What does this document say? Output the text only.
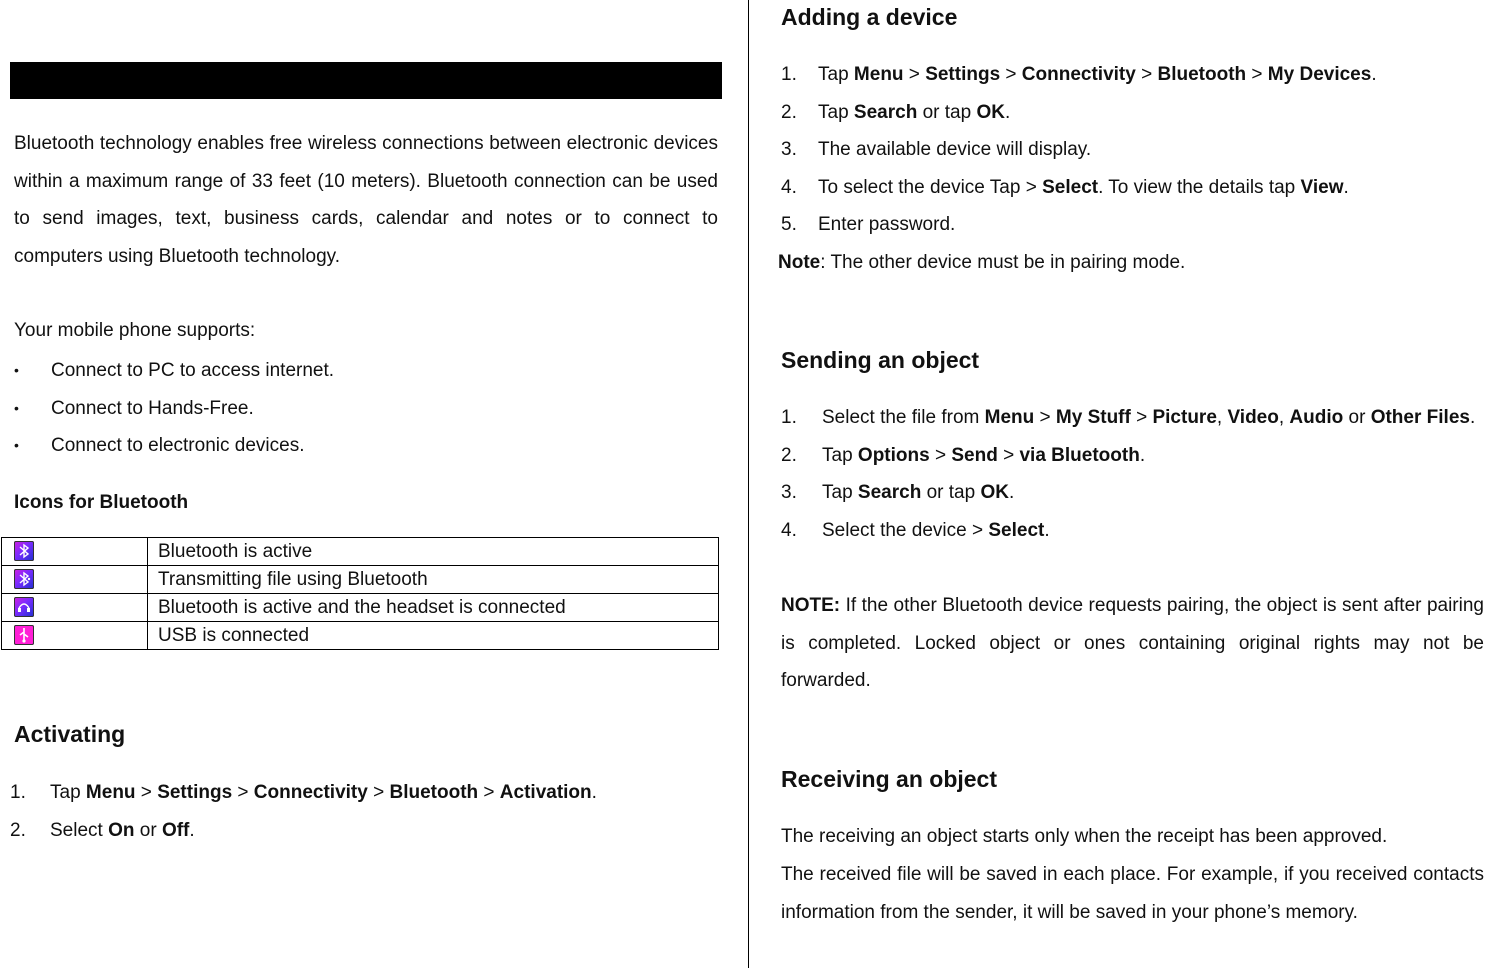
Bluetooth technology enables free wireless connections between electronic devices within a maximum range of 33 feet (10 meters). Bluetooth connection can be used to send images, text, business cards, calendar and notes or to connect to computers using Bluetooth technology.

Your mobile phone supports:

• Connect to PC to access internet.
• Connect to Hands-Free.
• Connect to electronic devices.

Icons for Bluetooth

	Bluetooth is active

	Transmitting file using Bluetooth

	Bluetooth is active and the headset is connected

	USB is connected
Activating
1. Tap Menu > Settings > Connectivity > Bluetooth > Activation.
2. Select On or Off.
Adding a device
1. Tap Menu > Settings > Connectivity > Bluetooth > My Devices.
2. Tap Search or tap OK.
3. The available device will display.
4. To select the device Tap > Select. To view the details tap View.
5. Enter password.

Note: The other device must be in pairing mode.

Sending an object
1. Select the file from Menu > My Stuff > Picture, Video, Audio or Other Files.
2. Tap Options > Send > via Bluetooth.
3. Tap Search or tap OK.
4. Select the device > Select.

NOTE: If the other Bluetooth device requests pairing, the object is sent after pairing is completed. Locked object or ones containing original rights may not be forwarded.

Receiving an object

The receiving an object starts only when the receipt has been approved.

The received file will be saved in each place. For example, if you received contacts information from the sender, it will be saved in your phone’s memory.
